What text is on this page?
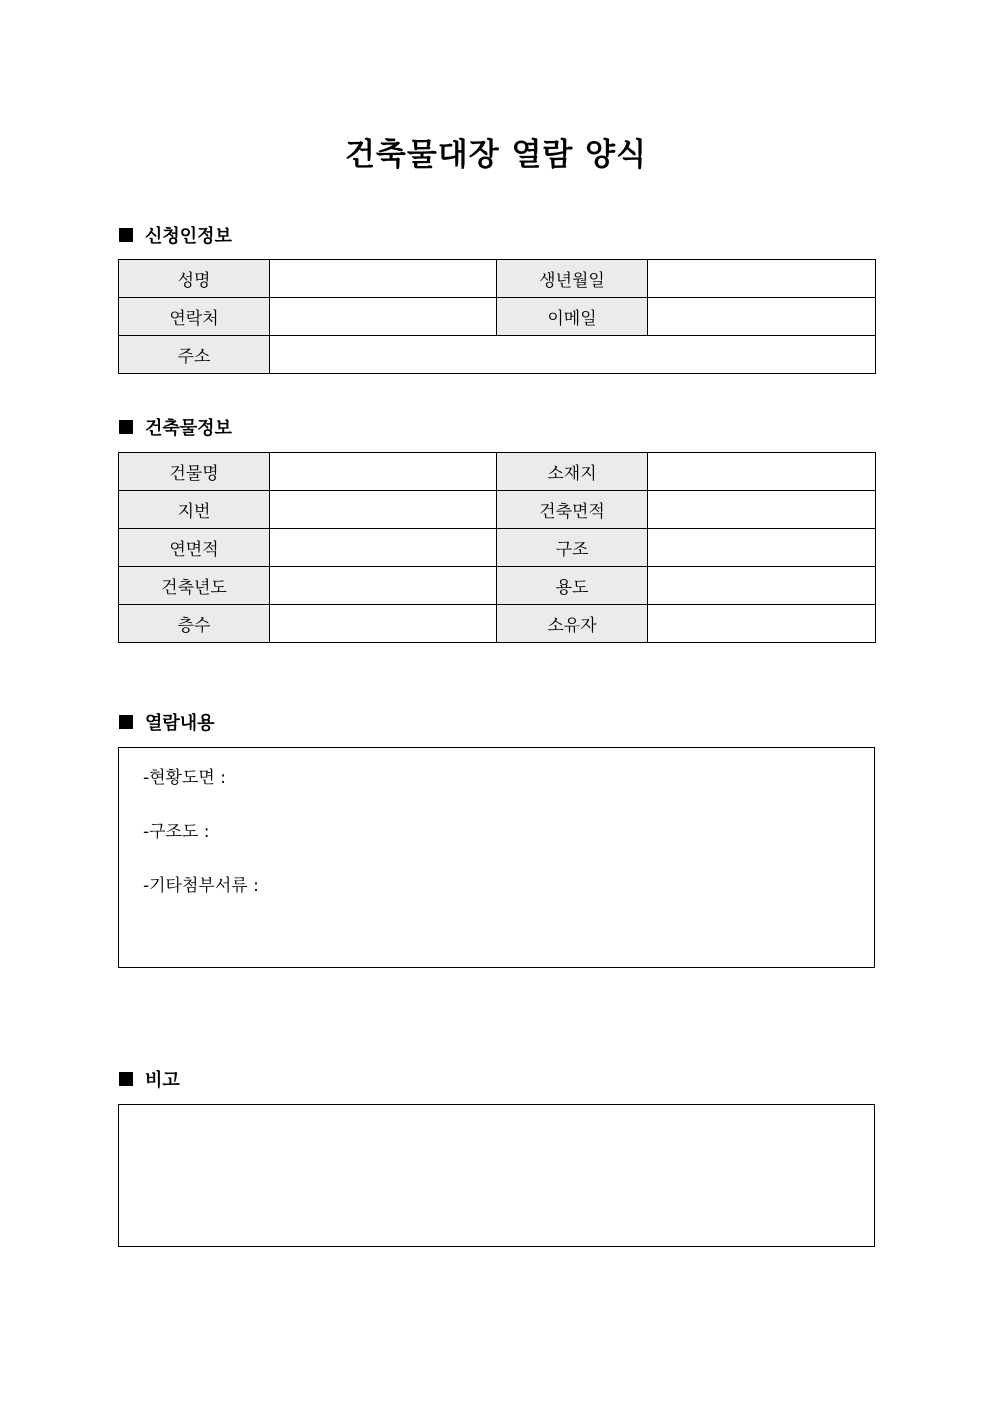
건축물대장 열람 양식
신청인정보
성명		생년월일	
연락처		이메일	
주소			
건축물정보
건물명		소재지	
지번		건축면적	
연면적		구조	
건축년도		용도	
층수		소유자	
열람내용
-현황도면 :
-구조도 :
-기타첨부서류 :
비고
